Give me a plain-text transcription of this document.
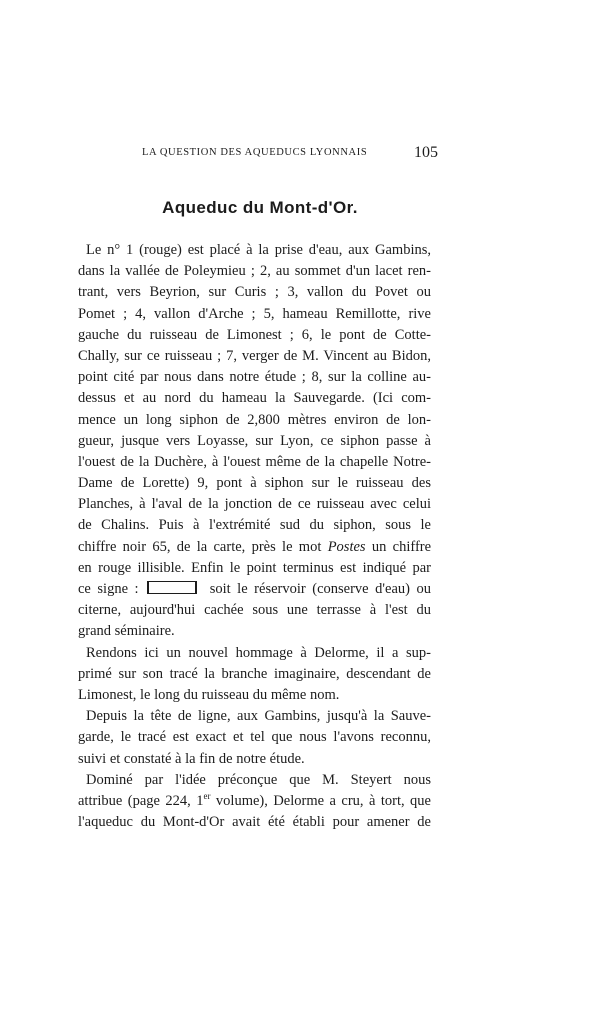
LA QUESTION DES AQUEDUCS LYONNAIS	105
Aqueduc du Mont-d'Or.
Le n° 1 (rouge) est placé à la prise d'eau, aux Gambins,
dans la vallée de Poleymieu ; 2, au sommet d'un lacet ren-
trant, vers Beyrion, sur Curis ; 3, vallon du Povet ou
Pomet ; 4, vallon d'Arche ; 5, hameau Remillotte, rive
gauche du ruisseau de Limonest ; 6, le pont de Cotte-
Chally, sur ce ruisseau ; 7, verger de M. Vincent au Bidon,
point cité par nous dans notre étude ; 8, sur la colline au-
dessus et au nord du hameau la Sauvegarde. (Ici com-
mence un long siphon de 2,800 mètres environ de lon-
gueur, jusque vers Loyasse, sur Lyon, ce siphon passe à
l'ouest de la Duchère, à l'ouest même de la chapelle Notre-
Dame de Lorette) 9, pont à siphon sur le ruisseau des
Planches, à l'aval de la jonction de ce ruisseau avec celui
de Chalins. Puis à l'extrémité sud du siphon, sous le
chiffre noir 65, de la carte, près le mot Postes un chiffre
en rouge illisible. Enfin le point terminus est indiqué par
ce signe :	soit le réservoir (conserve d'eau) ou
citerne, aujourd'hui cachée sous une terrasse à l'est du
grand séminaire.
Rendons ici un nouvel hommage à Delorme, il a sup-
primé sur son tracé la branche imaginaire, descendant de
Limonest, le long du ruisseau du même nom.
Depuis la tête de ligne, aux Gambins, jusqu'à la Sauve-
garde, le tracé est exact et tel que nous l'avons reconnu,
suivi et constaté à la fin de notre étude.
Dominé par l'idée préconçue que M. Steyert nous
attribue (page 224, 1er volume), Delorme a cru, à tort, que
l'aqueduc du Mont-d'Or avait été établi pour amener de
